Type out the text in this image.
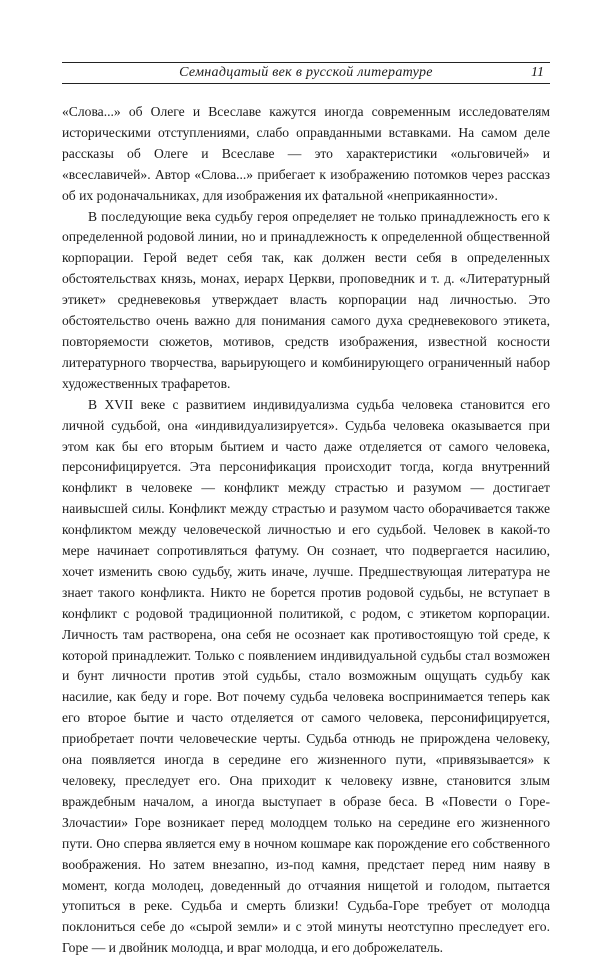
Семнадцатый век в русской литературе	11

«Слова...» об Олеге и Всеславе кажутся иногда современным исследователям историческими отступлениями, слабо оправданными вставками. На самом деле рассказы об Олеге и Всеславе — это характеристики «ольговичей» и «всеславичей». Автор «Слова...» прибегает к изображению потомков через рассказ об их родоначальниках, для изображения их фатальной «неприкаянности».

В последующие века судьбу героя определяет не только принадлежность его к определенной родовой линии, но и принадлежность к определенной общественной корпорации. Герой ведет себя так, как должен вести себя в определенных обстоятельствах князь, монах, иерарх Церкви, проповедник и т. д. «Литературный этикет» средневековья утверждает власть корпорации над личностью. Это обстоятельство очень важно для понимания самого духа средневекового этикета, повторяемости сюжетов, мотивов, средств изображения, известной косности литературного творчества, варьирующего и комбинирующего ограниченный набор художественных трафаретов.

В XVII веке с развитием индивидуализма судьба человека становится его личной судьбой, она «индивидуализируется». Судьба человека оказывается при этом как бы его вторым бытием и часто даже отделяется от самого человека, персонифицируется. Эта персонификация происходит тогда, когда внутренний конфликт в человеке — конфликт между страстью и разумом — достигает наивысшей силы. Конфликт между страстью и разумом часто оборачивается также конфликтом между человеческой личностью и его судьбой. Человек в какой-то мере начинает сопротивляться фатуму. Он сознает, что подвергается насилию, хочет изменить свою судьбу, жить иначе, лучше. Предшествующая литература не знает такого конфликта. Никто не борется против родовой судьбы, не вступает в конфликт с родовой традиционной политикой, с родом, с этикетом корпорации. Личность там растворена, она себя не осознает как противостоящую той среде, к которой принадлежит. Только с появлением индивидуальной судьбы стал возможен и бунт личности против этой судьбы, стало возможным ощущать судьбу как насилие, как беду и горе. Вот почему судьба человека воспринимается теперь как его второе бытие и часто отделяется от самого человека, персонифицируется, приобретает почти человеческие черты. Судьба отнюдь не прирождена человеку, она появляется иногда в середине его жизненного пути, «привязывается» к человеку, преследует его. Она приходит к человеку извне, становится злым враждебным началом, а иногда выступает в образе беса. В «Повести о Горе-Злочастии» Горе возникает перед молодцем только на середине его жизненного пути. Оно сперва является ему в ночном кошмаре как порождение его собственного воображения. Но затем внезапно, из-под камня, предстает перед ним наяву в момент, когда молодец, доведенный до отчаяния нищетой и голодом, пытается утопиться в реке. Судьба и смерть близки! Судьба-Горе требует от молодца поклониться себе до «сырой земли» и с этой минуты неотступно преследует его. Горе — и двойник молодца, и враг молодца, и его доброжелатель.
